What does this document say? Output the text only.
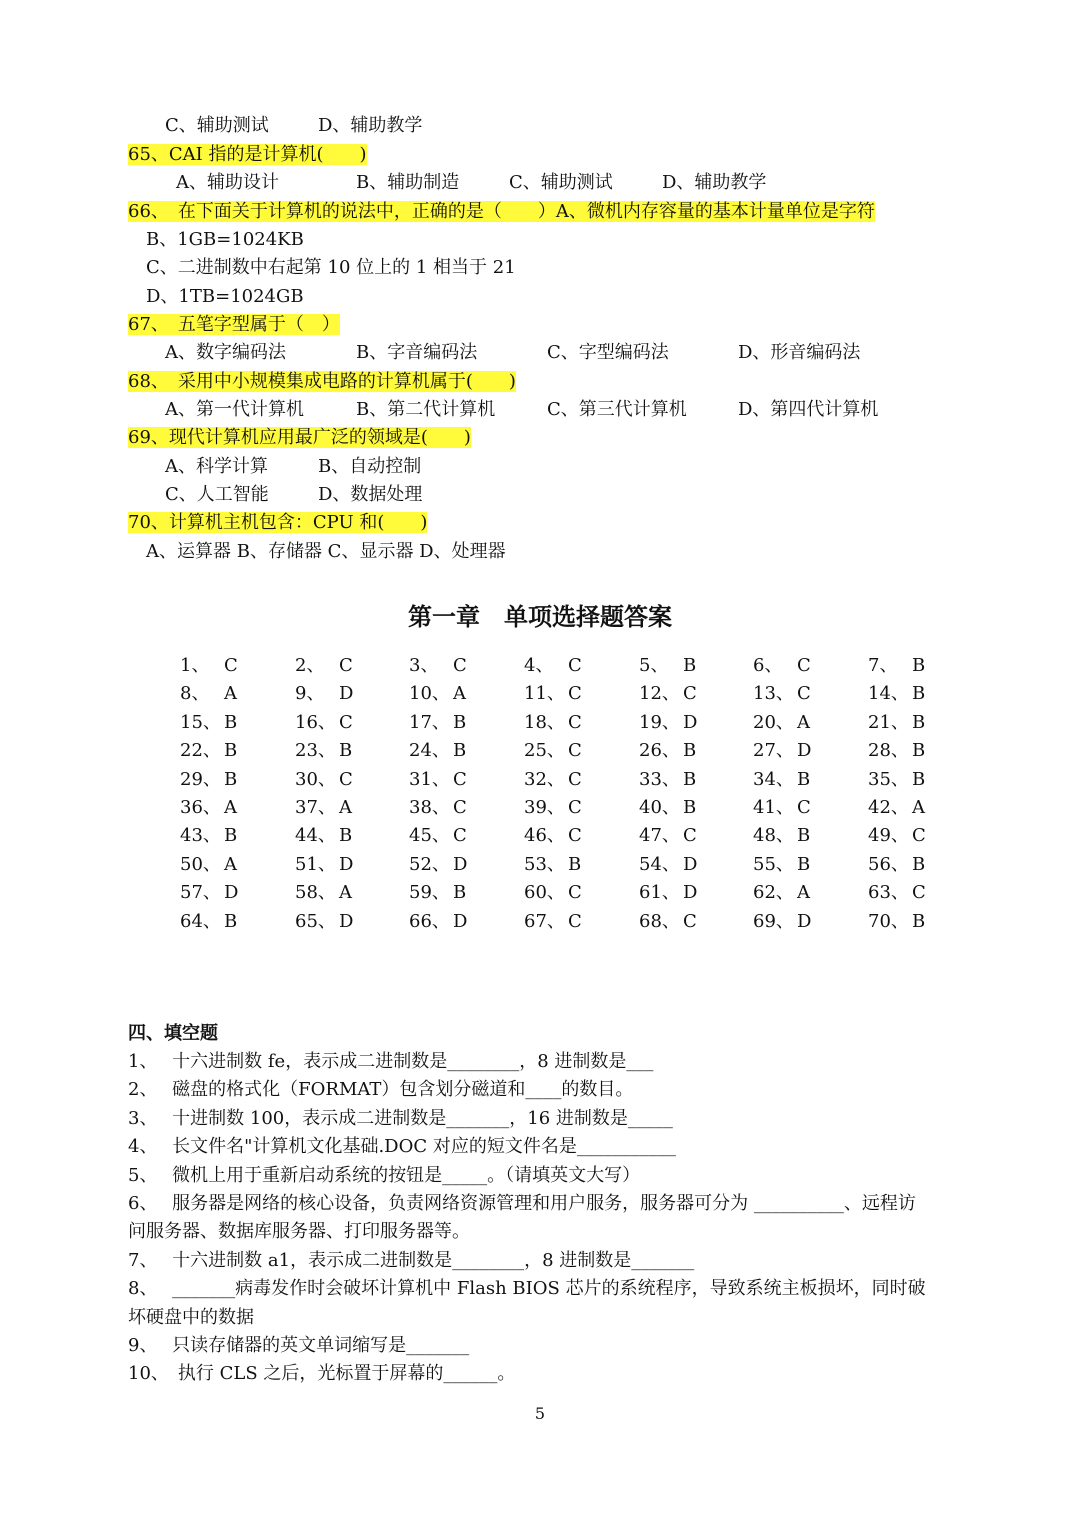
C、辅助测试	D、辅助教学
65、CAI 指的是计算机(　　)
A、辅助设计	B、辅助制造	C、辅助测试	D、辅助教学
66、　在下面关于计算机的说法中，正确的是（　　）A、微机内存容量的基本计量单位是字符
B、1GB=1024KB
C、二进制数中右起第 10 位上的 1 相当于 21
D、1TB=1024GB
67、　五笔字型属于（　）
A、数字编码法	B、字音编码法	C、字型编码法	D、形音编码法
68、　采用中小规模集成电路的计算机属于(　　)
A、第一代计算机	B、第二代计算机	C、第三代计算机	D、第四代计算机
69、现代计算机应用最广泛的领域是(　　)
A、科学计算	B、自动控制
C、人工智能	D、数据处理
70、计算机主机包含：CPU 和(　　)
A、运算器 B、存储器 C、显示器 D、处理器
第一章　单项选择题答案
1、 C	2、 C	3、 C	4、 C	5、 B	6、 C	7、 B
8、 A	9、 D	10、 A	11、 C	12、 C	13、 C	14、 B
15、 B	16、 C	17、 B	18、 C	19、 D	20、 A	21、 B
22、 B	23、 B	24、 B	25、 C	26、 B	27、 D	28、 B
29、 B	30、 C	31、 C	32、 C	33、 B	34、 B	35、 B
36、 A	37、 A	38、 C	39、 C	40、 B	41、 C	42、 A
43、 B	44、 B	45、 C	46、 C	47、 C	48、 B	49、 C
50、 A	51、 D	52、 D	53、 B	54、 D	55、 B	56、 B
57、 D	58、 A	59、 B	60、 C	61、 D	62、 A	63、 C
64、 B	65、 D	66、 D	67、 C	68、 C	69、 D	70、 B
四、填空题
1、　 十六进制数 fe，表示成二进制数是________，8 进制数是___
2、　 磁盘的格式化（FORMAT）包含划分磁道和____的数目。
3、　 十进制数 100，表示成二进制数是_______，16 进制数是_____
4、　 长文件名"计算机文化基础.DOC 对应的短文件名是___________
5、　 微机上用于重新启动系统的按钮是_____。（请填英文大写）
6、　 服务器是网络的核心设备，负责网络资源管理和用户服务，服务器可分为 __________、远程访
问服务器、数据库服务器、打印服务器等。
7、　 十六进制数 a1，表示成二进制数是________，8 进制数是_______
8、　 _______病毒发作时会破坏计算机中 Flash BIOS 芯片的系统程序，导致系统主板损坏，同时破
坏硬盘中的数据
9、　 只读存储器的英文单词缩写是_______
10、　执行 CLS 之后，光标置于屏幕的______。
5
